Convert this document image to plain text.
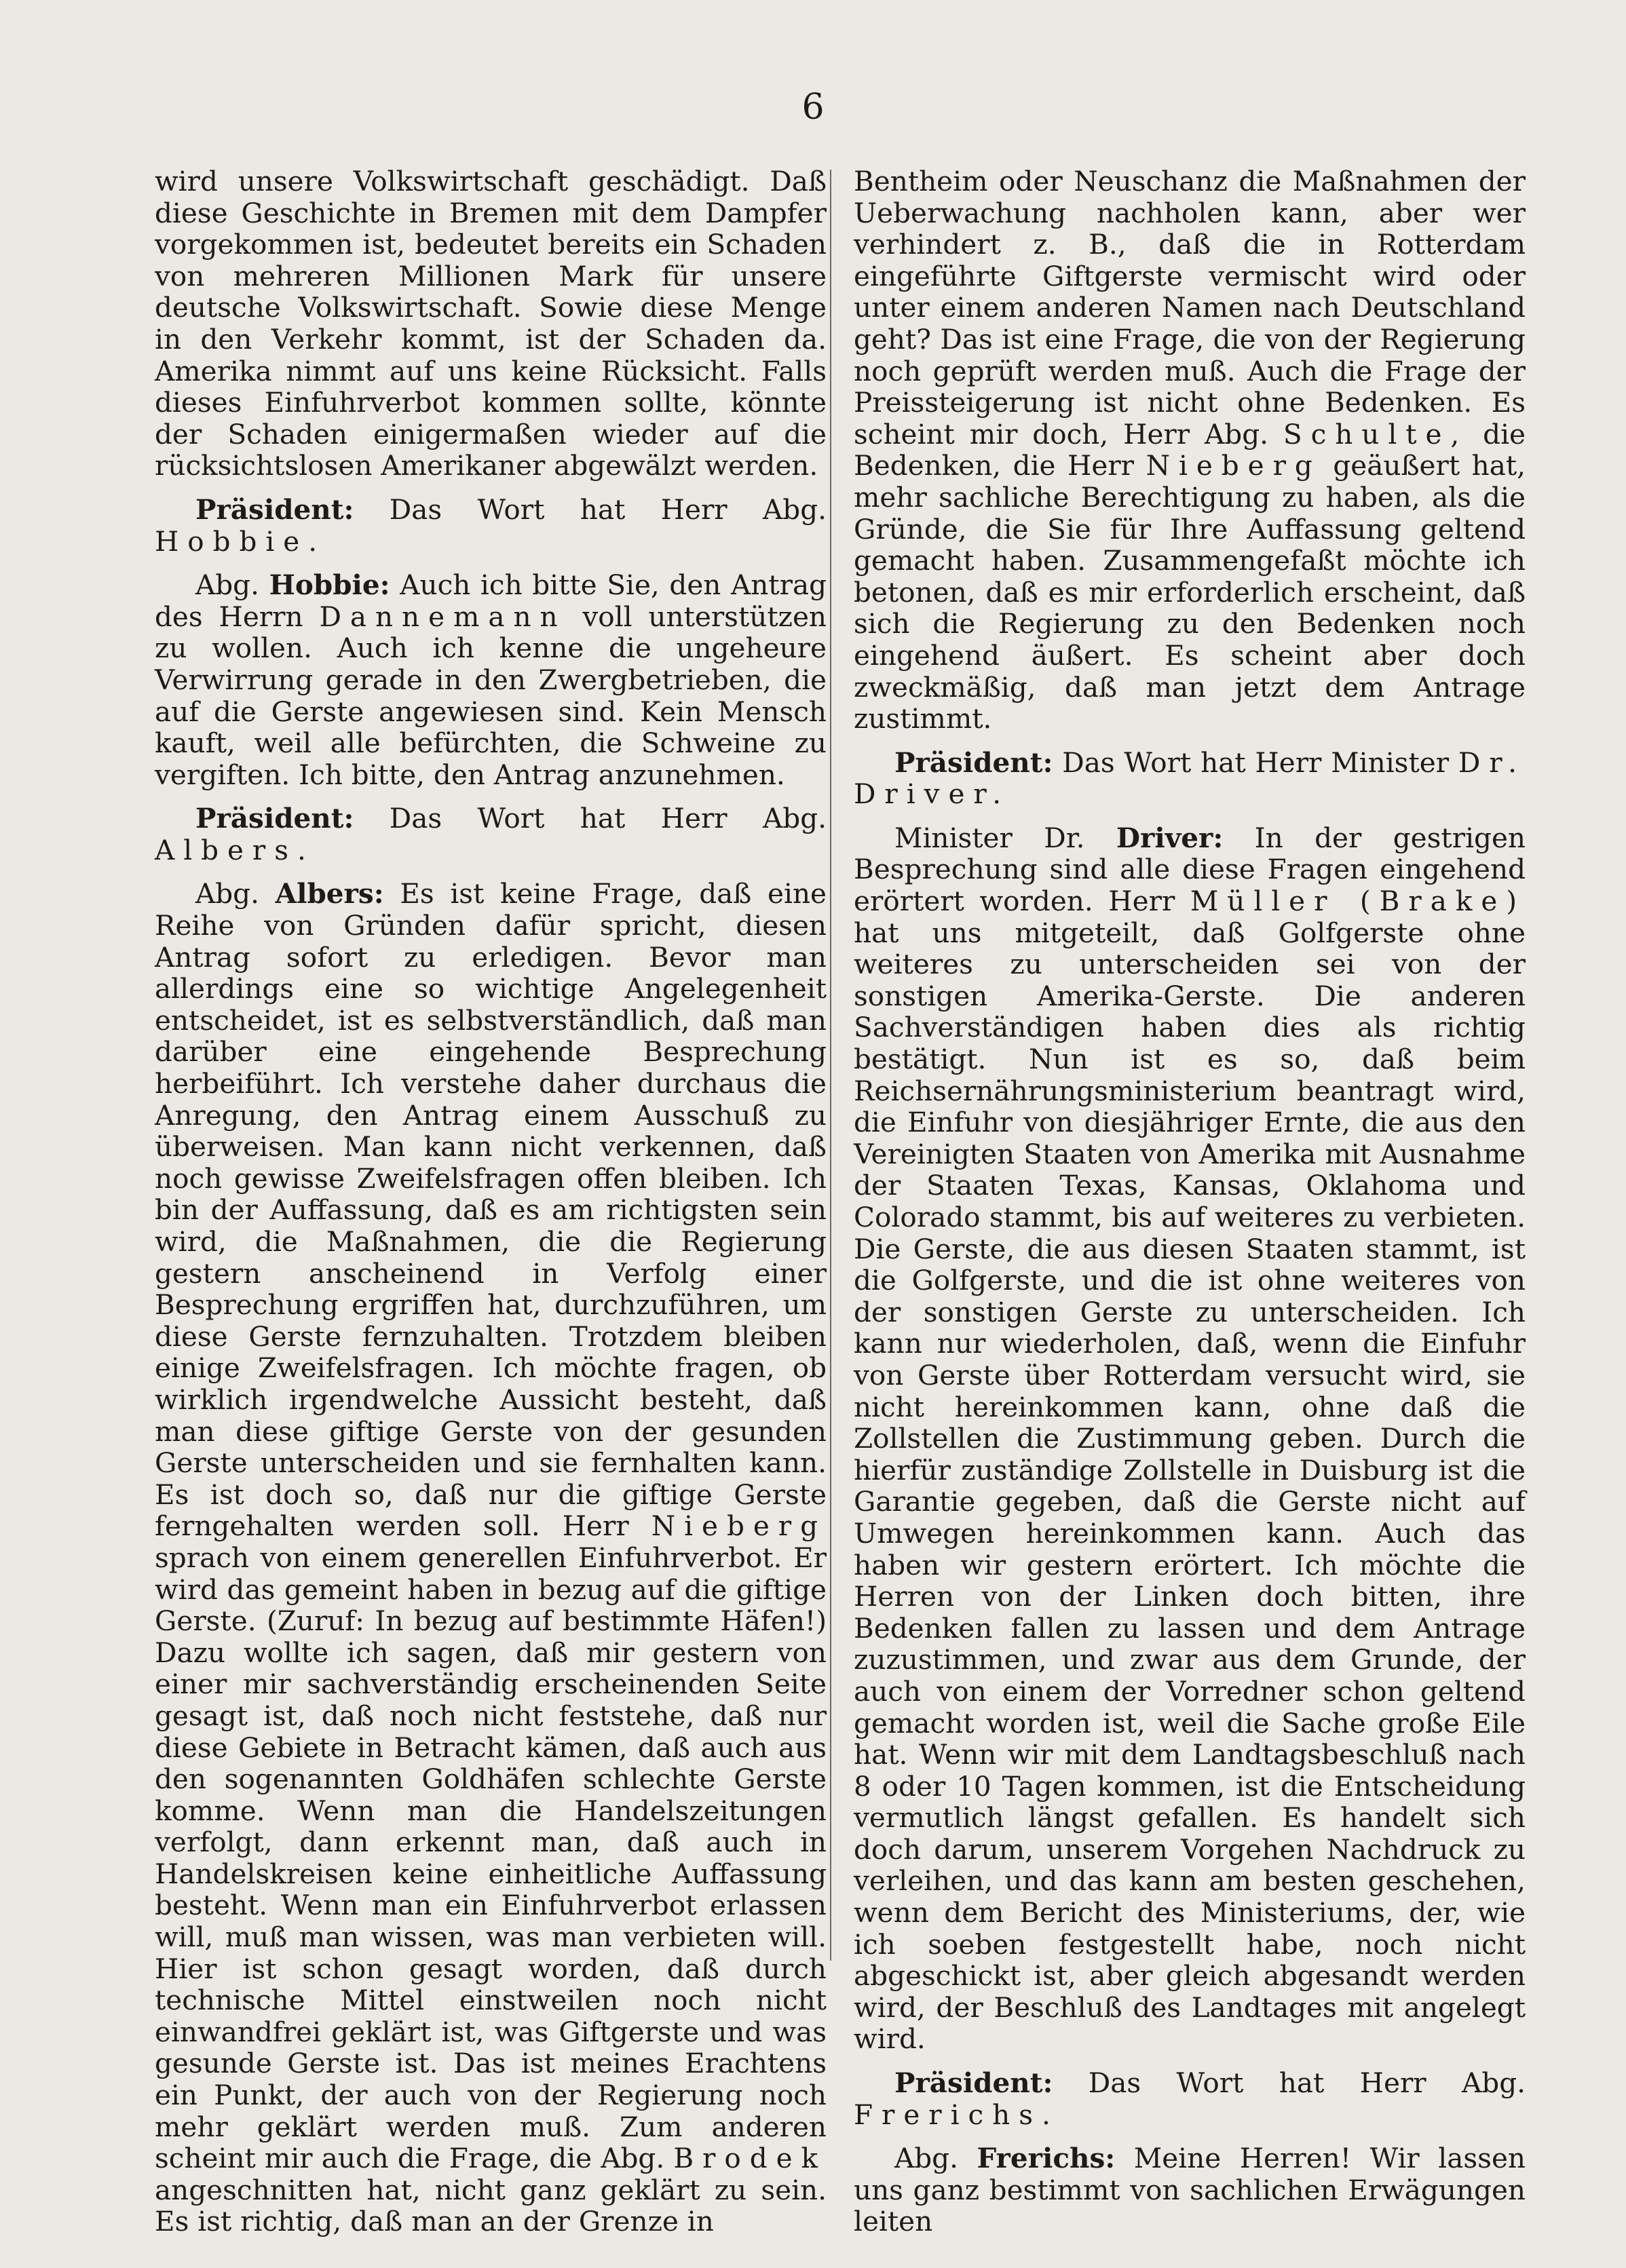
6

wird unsere Volkswirtschaft geschädigt. Daß diese Geschichte in Bremen mit dem Dampfer vorgekommen ist, bedeutet bereits ein Schaden von mehreren Millionen Mark für unsere deutsche Volkswirtschaft. Sowie diese Menge in den Verkehr kommt, ist der Schaden da. Amerika nimmt auf uns keine Rücksicht. Falls dieses Einfuhrverbot kommen sollte, könnte der Schaden einigermaßen wieder auf die rücksichtslosen Amerikaner abgewälzt werden.

Präsident: Das Wort hat Herr Abg. Hobbie.

Abg. Hobbie: Auch ich bitte Sie, den Antrag des Herrn Dannemann voll unterstützen zu wollen. Auch ich kenne die ungeheure Verwirrung gerade in den Zwergbetrieben, die auf die Gerste angewiesen sind. Kein Mensch kauft, weil alle befürchten, die Schweine zu vergiften. Ich bitte, den Antrag anzunehmen.

Präsident: Das Wort hat Herr Abg. Albers.

Abg. Albers: Es ist keine Frage, daß eine Reihe von Gründen dafür spricht, diesen Antrag sofort zu erledigen. Bevor man allerdings eine so wichtige Angelegenheit entscheidet, ist es selbstverständlich, daß man darüber eine eingehende Besprechung herbeiführt. Ich verstehe daher durchaus die Anregung, den Antrag einem Ausschuß zu überweisen. Man kann nicht verkennen, daß noch gewisse Zweifelsfragen offen bleiben. Ich bin der Auffassung, daß es am richtigsten sein wird, die Maßnahmen, die die Regierung gestern anscheinend in Verfolg einer Besprechung ergriffen hat, durchzuführen, um diese Gerste fernzuhalten. Trotzdem bleiben einige Zweifelsfragen. Ich möchte fragen, ob wirklich irgendwelche Aussicht besteht, daß man diese giftige Gerste von der gesunden Gerste unterscheiden und sie fernhalten kann. Es ist doch so, daß nur die giftige Gerste ferngehalten werden soll. Herr Nieberg sprach von einem generellen Einfuhrverbot. Er wird das gemeint haben in bezug auf die giftige Gerste. (Zuruf: In bezug auf bestimmte Häfen!) Dazu wollte ich sagen, daß mir gestern von einer mir sachverständig erscheinenden Seite gesagt ist, daß noch nicht feststehe, daß nur diese Gebiete in Betracht kämen, daß auch aus den sogenannten Goldhäfen schlechte Gerste komme. Wenn man die Handelszeitungen verfolgt, dann erkennt man, daß auch in Handelskreisen keine einheitliche Auffassung besteht. Wenn man ein Einfuhrverbot erlassen will, muß man wissen, was man verbieten will. Hier ist schon gesagt worden, daß durch technische Mittel einstweilen noch nicht einwandfrei geklärt ist, was Giftgerste und was gesunde Gerste ist. Das ist meines Erachtens ein Punkt, der auch von der Regierung noch mehr geklärt werden muß. Zum anderen scheint mir auch die Frage, die Abg. Brodek angeschnitten hat, nicht ganz geklärt zu sein. Es ist richtig, daß man an der Grenze in

Bentheim oder Neuschanz die Maßnahmen der Ueberwachung nachholen kann, aber wer verhindert z. B., daß die in Rotterdam eingeführte Giftgerste vermischt wird oder unter einem anderen Namen nach Deutschland geht? Das ist eine Frage, die von der Regierung noch geprüft werden muß. Auch die Frage der Preissteigerung ist nicht ohne Bedenken. Es scheint mir doch, Herr Abg. Schulte, die Bedenken, die Herr Nieberg geäußert hat, mehr sachliche Berechtigung zu haben, als die Gründe, die Sie für Ihre Auffassung geltend gemacht haben. Zusammengefaßt möchte ich betonen, daß es mir erforderlich erscheint, daß sich die Regierung zu den Bedenken noch eingehend äußert. Es scheint aber doch zweckmäßig, daß man jetzt dem Antrage zustimmt.

Präsident: Das Wort hat Herr Minister Dr. Driver.

Minister Dr. Driver: In der gestrigen Besprechung sind alle diese Fragen eingehend erörtert worden. Herr Müller (Brake) hat uns mitgeteilt, daß Golfgerste ohne weiteres zu unterscheiden sei von der sonstigen Amerika-Gerste. Die anderen Sachverständigen haben dies als richtig bestätigt. Nun ist es so, daß beim Reichsernährungsministerium beantragt wird, die Einfuhr von diesjähriger Ernte, die aus den Vereinigten Staaten von Amerika mit Ausnahme der Staaten Texas, Kansas, Oklahoma und Colorado stammt, bis auf weiteres zu verbieten. Die Gerste, die aus diesen Staaten stammt, ist die Golfgerste, und die ist ohne weiteres von der sonstigen Gerste zu unterscheiden. Ich kann nur wiederholen, daß, wenn die Einfuhr von Gerste über Rotterdam versucht wird, sie nicht hereinkommen kann, ohne daß die Zollstellen die Zustimmung geben. Durch die hierfür zuständige Zollstelle in Duisburg ist die Garantie gegeben, daß die Gerste nicht auf Umwegen hereinkommen kann. Auch das haben wir gestern erörtert. Ich möchte die Herren von der Linken doch bitten, ihre Bedenken fallen zu lassen und dem Antrage zuzustimmen, und zwar aus dem Grunde, der auch von einem der Vorredner schon geltend gemacht worden ist, weil die Sache große Eile hat. Wenn wir mit dem Landtagsbeschluß nach 8 oder 10 Tagen kommen, ist die Entscheidung vermutlich längst gefallen. Es handelt sich doch darum, unserem Vorgehen Nachdruck zu verleihen, und das kann am besten geschehen, wenn dem Bericht des Ministeriums, der, wie ich soeben festgestellt habe, noch nicht abgeschickt ist, aber gleich abgesandt werden wird, der Beschluß des Landtages mit angelegt wird.

Präsident: Das Wort hat Herr Abg. Frerichs.

Abg. Frerichs: Meine Herren! Wir lassen uns ganz bestimmt von sachlichen Erwägungen leiten
